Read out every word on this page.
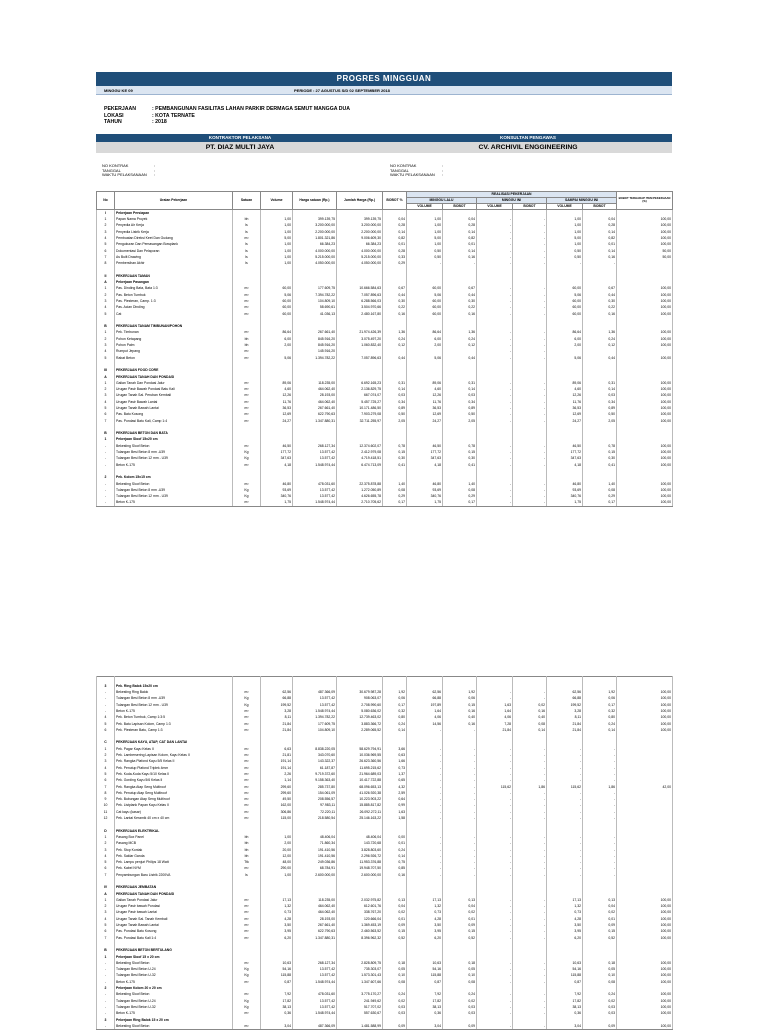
PROGRES MINGGUAN
MINGGU KE 09	PERIODE : 27 AGUSTUS S/D 02 SEPTEMBER 2018
PEKERJAAN	: PEMBANGUNAN FASILITAS LAHAN PARKIR DERMAGA SEMUT MANGGA DUA
LOKASI	: KOTA TERNATE
TAHUN	: 2018
KONTRAKTOR PELAKSANA
PT. DIAZ MULTI JAYA
NO KONTRAK	:
TANGGAL	:
WAKTU PELAKSANAAN	:
KONSULTAN PENGAWAS
CV. ARCHIVIL ENGGINEERING
NO KONTRAK	:
TANGGAL	:
WAKTU PELAKSANAAN	:
No	Uraian Pekerjaan	Satuan	Volume	Harga satuan (Rp.)	Jumlah Harga (Rp.)	BOBOT %	REALISASI PEKERJAAN						BOBOT TERHADAP ITEM PEKERJAAN (%)
							MINGGU LALU		MINGGU INI		SAMPAI MINGGU INI		
							VOLUME	BOBOT	VOLUME	BOBOT	VOLUME	BOBOT	
I	Pekerjaan Persiapan												
1	Papan Nama Proyek	bh	1,00	399.139,75	399.139,75	0,04	1,00	0,04	-	-	1,00	0,04	100,00
2	Penyedia Air Kerja	ls	1,00	3.200.000,00	3.200.000,00	0,28	1,00	0,28	-	-	1,00	0,28	100,00
3	Penyedia Listrik Kerja	ls	1,00	2.200.000,00	2.200.000,00	0,14	1,00	0,14	-	-	1,00	0,14	100,00
4	Pembuatan Direksi Keet Dan Gudang	m²	5,00	1.801.321,86	9.006.609,30	0,82	5,00	0,82	-	-	5,00	0,82	100,00
5	Pengukuran Dan Pemasangan Bowplank	ls	1,00	66.384,23	66.384,23	0,01	1,00	0,01	-	-	1,00	0,01	100,00
6	Dokumentasi Dan Pelaporan	ls	1,00	4.000.000,00	4.000.000,00	0,28	0,50	0,14	-	-	0,50	0,14	50,00
7	As Built Drawing	ls	1,00	5.215.000,00	5.215.000,00	0,33	0,50	0,16	-	-	0,50	0,16	50,00
8	Pembersihan Akhir	ls	1,00	4.050.000,00	4.050.000,00	0,29	-	-	-	-	-	-	

II	PEKERJAAN TAMAN												
A	Pekerjaan Pasangan												
1	Pas. Dinding Bata, Bata 1:3	m²	60,00	177.609,75	10.666.584,63	0,67	60,00	0,67	-	-	60,00	0,67	100,00
2	Pas. Beton Tumbuk	m³	5,06	7.394.782,22	7.057.896,63	0,44	5,06	0,44	-	-	5,06	0,44	100,00
3	Pas. Plesteran, Camp. 1:3	m²	60,00	104.809,10	6.288.566,03	0,30	60,00	0,30	-	-	60,00	0,30	100,00
4	Pas. Acian Dinding	m²	60,00	58.690,61	3.504.970,66	0,22	60,00	0,22	-	-	60,00	0,22	100,00
5	Cat	m²	60,00	41.036,13	2.480.167,80	0,16	60,00	0,16	-	-	60,00	0,16	100,00

B	PEKERJAAN TANAM TIMBUNAN/POHON												
1	Pek. Timbunan	m³	86,64	267.661,40	21.974.426,39	1,36	86,64	1,36	-	-	86,64	1,36	100,00
2	Pohon Ketapang	bh	6,00	845.916,20	3.075.497,20	0,24	6,00	0,24	-	-	6,00	0,24	100,00
3	Pohon Palm	bh	2,00	845.916,20	1.060.832,40	0,12	2,00	0,12	-	-	2,00	0,12	100,00
4	Rumput Jepang	m²		145.916,20					-	-			
5	Rabat Beton	m³	5,06	1.394.782,22	7.057.896,63	0,44	5,06	0,44	-	-	5,06	0,44	100,00

III	PEKERJAAN FOOD CORE												
A	PEKERJAAN TANAH DAN PONDASI												
1	Galian Tanah Dan Pondasi Jalur	m³	89,06	118.235,00	6.692.165,23	0,31	89,06	0,31	-	-	89,06	0,31	100,00
2	Urugan Pasir Bawah Pondasi Batu Kali	m³	4,60	464.062,40	2.136.829,75	0,14	4,60	0,14	-	-	4,60	0,14	100,00
3	Urugan Tanah Sal. Peruban Kembali	m³	12,26	28.193,00	667.074,07	0,03	12,26	0,03	-	-	12,26	0,03	100,00
4	Urugan Pasir Bawah Lantai	m³	11,76	464.062,40	5.457.725,27	0,34	11,76	0,34	-	-	11,76	0,34	100,00
5	Urugan Tanah Bawah Lantai	m³	36,53	267.661,40	10.171.486,50	0,89	36,53	0,89	-	-	36,53	0,89	100,00
6	Pas. Batu Kosong	m³	12,69	622.790,63	7.903.279,08	0,50	12,69	0,50	-	-	12,69	0,50	100,00
7	Pas. Pondasi Batu Kali, Camp 1:4	m³	24,27	1.347.880,31	32.711.255,97	2,05	24,27	2,05	-	-	24,27	2,05	100,00

B	PEKERJAAN BETON DAN BATA												
1	Pekerjaan Sloof 15x20 cm												
-	Bekesting Sloof Beton	m²	46,50	268.127,34	12.374.602,07	0,78	46,50	0,78	-	-	46,50	0,78	100,00
-	Tulangan Besi Beton 8 mm -U39	Kg	177,72	13.577,42	2.412.979,08	0,15	177,72	0,15	-	-	177,72	0,15	100,00
-	Tulangan Besi Beton 12 mm - U39	Kg	347,63	13.577,42	4.719.418,51	0,30	347,63	0,30	-	-	347,63	0,30	100,00
-	Beton K-175	m³	4,18	1.548.974,44	6.474.713,09	0,41	4,18	0,41	-	-	4,18	0,41	100,00

2	Pek. Kolom 15x15 cm												
-	Bekesting Sloof Beton	m²	46,80	478.031,60	22.375.878,88	1,40	46,80	1,40	-	-	46,80	1,40	100,00
-	Tulangan Besi Beton 8 mm -U39	Kg	93,69	13.577,42	1.272.050,89	0,08	93,69	0,08	-	-	93,69	0,08	100,00
-	Tulangan Besi Beton 12 mm - U39	Kg	340,76	13.577,42	4.626.655,78	0,29	340,76	0,29	-	-	340,76	0,29	100,00
-	Beton K-175	m³	1,75	1.548.974,44	2.710.705,62	0,17	1,75	0,17	-	-	1,75	0,17	100,00

3	Pek. Ring Balok 15x20 cm												
-	Bekesting Ring Balok	m²	62,56	487.366,09	30.679.987,28	1,92	62,56	1,92	-	-	62,56	1,92	100,00
-	Tulangan Besi Beton 8 mm -U39	Kg	66,88	13.577,42	908.063,07	0,06	66,88	0,06	-	-	66,88	0,06	100,00
-	Tulangan Besi Beton 12 mm - U39	Kg	199,52	13.577,42	2.708.990,60	0,17	197,89	0,15	1,63	0,02	199,52	0,17	100,00
-	Beton K-175	m³	3,28	1.548.974,44	5.080.636,02	0,32	1,64	0,16	1,64	0,16	3,28	0,32	100,00
4	Pek. Beton Tumbuk, Camp 1:3:5	m³	8,11	1.394.782,22	12.739.463,02	0,80	4,06	0,40	4,06	0,40	8,11	0,80	100,00
5	Pek. Batu Lapisan Kolom, Camp 1:3	m²	21,84	177.609,75	3.883.366,72	0,24	14,56	0,16	7,28	0,08	21,84	0,24	100,00
6	Pek. Plesteran Batu, Camp 1:3	m²	21,84	104.809,10	2.289.065,52	0,14	-	-	21,84	0,14	21,84	0,14	100,00

C	PEKERJAAN KAYU, ATAP, CAT DAN LANTAI												
1	Pek. Pagar Kayu Kelas II	m²	6,63	8.838.220,05	58.629.794,91	3,66	-	-	-	-	-	-	
2	Pek. Lambersering Lapisan Kolom, Kayu Kelas II	m²	21,81	343.070,60	10.036.969,55	0,63	-	-	-	-	-	-	
3	Pek. Rangka Plafond Kayu 5/5 Kelas II	m²	191,14	143.322,37	26.623.360,56	1,66	-	-	-	-	-	-	
4	Pek. Penutup Plafond Triplek 4mm	m²	191,14	61.187,87	11.695.215,62	0,73	-	-	-	-	-	-	
5	Pek. Kuda-Kuda Kayu 5/10 Kelas II	m³	2,26	9.719.372,60	21.964.689,03	1,37	-	-	-	-	-	-	
6	Pek. Gording Kayu 5/6 Kelas II	m³	1,14	9.158.363,40	10.417.722,88	0,65	-	-	-	-	-	-	
7	Pek. Rangka Atap Seng Multiroof	m²	299,60	285.737,80	68.096.653,13	4,32	-	-	115,62	1,86	115,62	1,86	42,00
8	Pek. Penutup Atap Seng Multiroof	m²	299,60	154.061,09	41.026.920,38	2,59	-	-	-	-	-	-	
9	Pek. Bubungan Atap Seng Multiroof	m²	49,50	208.556,57	10.223.903,22	0,64	-	-	-	-	-	-	
10	Pek. Listplank Papan Kayu Kelas II	m²	162,00	97.983,11	15.885.817,82	0,99	-	-	-	-	-	-	
11	Cat kayu (kasar)	m²	306,86	72.220,11	26.092.272,11	1,63	-	-	-	-	-	-	
12	Pek. Lantai Keramik 40 cm x 40 cm	m²	115,00	218.580,54	25.146.163,22	1,58	-	-	-	-	-	-	

D	PEKERJAAN ELEKTRIKAL												
1	Pasang Box Panel	bh	1,00	48.406,04	48.406,04	0,00	-	-	-	-	-	-	
2	Pasang MCB	bh	2,00	71.860,34	143.720,68	0,01	-	-	-	-	-	-	
3	Pek. Stop Kontak	bh	20,00	191.410,56	3.828.803,60	0,24	-	-	-	-	-	-	
4	Pek. Saklar Ganda	bh	12,00	191.410,56	2.296.926,72	0,14	-	-	-	-	-	-	
5	Pek. Lampu penjuri Philips 18 Watt	Ttk	48,00	249.036,86	11.953.376,88	0,75	-	-	-	-	-	-	
6	Pek. Kabel NYM	m²	290,00	68.784,91	19.948.707,50	0,85	-	-	-	-	-	-	
7	Penyambungan Baru Listrik 2200VA	ls	1,00	2.600.000,00	2.600.000,00	0,16	-	-	-	-	-	-	

IV	PEKERJAAN JEMBATAN												
A	PEKERJAAN TANAH DAN PONDASI												
1	Galian Tanah Pondasi Jalur	m³	17,13	118.235,00	2.032.975,82	0,13	17,13	0,13	-	-	17,13	0,13	100,00
2	Urugan Pasir bawah Pondasi	m³	1,32	464.062,40	612.601,76	0,04	1,32	0,04	-	-	1,32	0,04	100,00
3	Urugan Pasir bawah Lantai	m³	0,73	464.062,40	338.767,20	0,02	0,73	0,02	-	-	0,73	0,02	100,00
4	Urugan Tanah Sal. Tanah Kembali	m³	4,28	28.193,00	120.666,04	0,01	4,28	0,01	-	-	4,28	0,01	100,00
5	Urugan Tanah Bawah Lantai	m³	3,50	267.661,40	1.369.453,19	0,09	3,50	0,09	-	-	3,50	0,09	100,00
6	Pas. Pondasi Batu Kosong	m³	3,95	622.790,63	2.460.563,52	0,15	3,95	0,15	-	-	3,95	0,15	100,00
7	Pas. Pondasi Batu Kali 1:4	m³	6,20	1.347.880,31	8.396.962,32	0,52	6,20	0,52	-	-	6,20	0,52	100,00

B	PEKERJAAN BETON BERTULANG												
1	Pekerjaan Sloof 15 x 20 cm												
-	Bekesting Sloof Beton	m²	10,63	268.127,34	2.828.809,75	0,18	10,63	0,18	-	-	10,63	0,18	100,00
-	Tulangan Besi Beton U-24	Kg	54,16	13.577,42	735.303,07	0,05	54,16	0,05	-	-	54,16	0,05	100,00
-	Tulangan Besi Beton U-32	Kg	115,88	13.577,42	1.573.301,43	0,10	115,88	0,10	-	-	115,88	0,10	100,00
-	Beton K-175	m³	0,87	1.548.974,44	1.347.607,66	0,08	0,87	0,08	-	-	0,87	0,08	100,00
2	Pekerjaan Kolom 20 x 20 cm												
-	Bekesting Sloof Beton	m²	7,92	478.031,60	3.775.170,27	0,24	7,92	0,24	-	-	7,92	0,24	100,00
-	Tulangan Besi Beton U-24	Kg	17,82	13.577,42	241.949,62	0,02	17,82	0,02	-	-	17,82	0,02	100,00
-	Tulangan Besi Beton U-32	Kg	38,13	13.577,42	517.707,02	0,03	38,13	0,03	-	-	38,13	0,03	100,00
-	Beton K-175	m³	0,36	1.548.974,44	557.630,67	0,03	0,36	0,03	-	-	0,36	0,03	100,00
3	Pekerjaan Ring Balok 15 x 20 cm												
-	Bekesting Sloof Beton	m²	3,04	487.366,09	1.481.588,99	0,09	3,04	0,09	-	-	3,04	0,09	100,00
